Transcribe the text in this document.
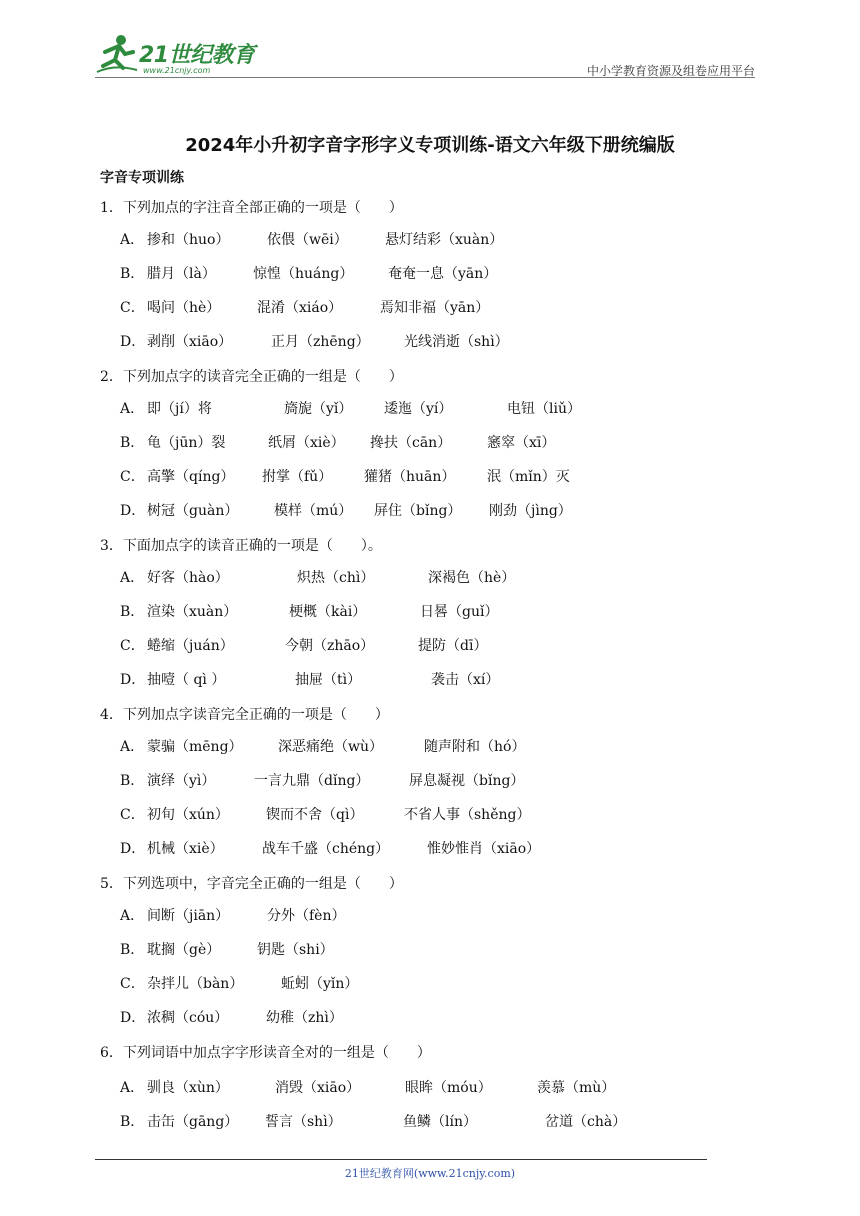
21世纪教育
www.21cnjy.com	中小学教育资源及组卷应用平台
2024年小升初字音字形字义专项训练-语文六年级下册统编版
字音专项训练
1．下列加点的字注音全部正确的一项是（　　）
A． 掺和（huo）	依偎（wēi）	悬灯结彩（xuàn）
B． 腊月（là）	惊惶（huáng） 奄奄一息（yān）
C． 喝问（hè）	混淆（xiáo）	焉知非福（yān）
D． 剥削（xiāo）	正月（zhēng） 光线消逝（shì）
2．下列加点字的读音完全正确的一组是（　　）
A． 即（jí）将	旖旎（yǐ） 逶迤（yí）	电钮（liǔ）
B． 龟（jūn）裂	纸屑（xiè） 搀扶（cān）	窸窣（xī）
C． 高擎（qíng） 拊掌（fǔ） 獾猪（huān） 泯（mǐn）灭
D． 树冠（guàn）	模样（mú） 屏住（bǐng） 刚劲（jìng）
3．下面加点字的读音正确的一项是（　　）。
A． 好客（hào）	炽热（chì）	深褐色（hè）
B． 渲染（xuàn）	梗概（kài）	日晷（guǐ）
C． 蜷缩（juán）	今朝（zhāo）	提防（dī）
D． 抽噎（ qì ）	抽屉（tì）	袭击（xí）
4．下列加点字读音完全正确的一项是（　　）
A． 蒙骗（mēng）	深恶痛绝（wù）	随声附和（hó）
B． 演绎（yì）	一言九鼎（dǐng）	屏息凝视（bǐng）
C． 初旬（xún）	锲而不舍（qì）	不省人事（shěng）
D． 机械（xiè）	战车千盛（chéng）	惟妙惟肖（xiāo）
5．下列选项中，字音完全正确的一组是（　　）
A． 间断（jiān）	分外（fèn）
B． 耽搁（gè）	钥匙（shi）
C． 杂拌儿（bàn）	蚯蚓（yǐn）
D． 浓稠（cóu）	幼稚（zhì）
6．下列词语中加点字字形读音全对的一组是（　　）
A． 驯良（xùn）	消毁（xiāo）	眼眸（móu）	羡慕（mù）
B． 击缶（gāng） 誓言（shì）	鱼鳞（lín）	岔道（chà）
21世纪教育网(www.21cnjy.com)
